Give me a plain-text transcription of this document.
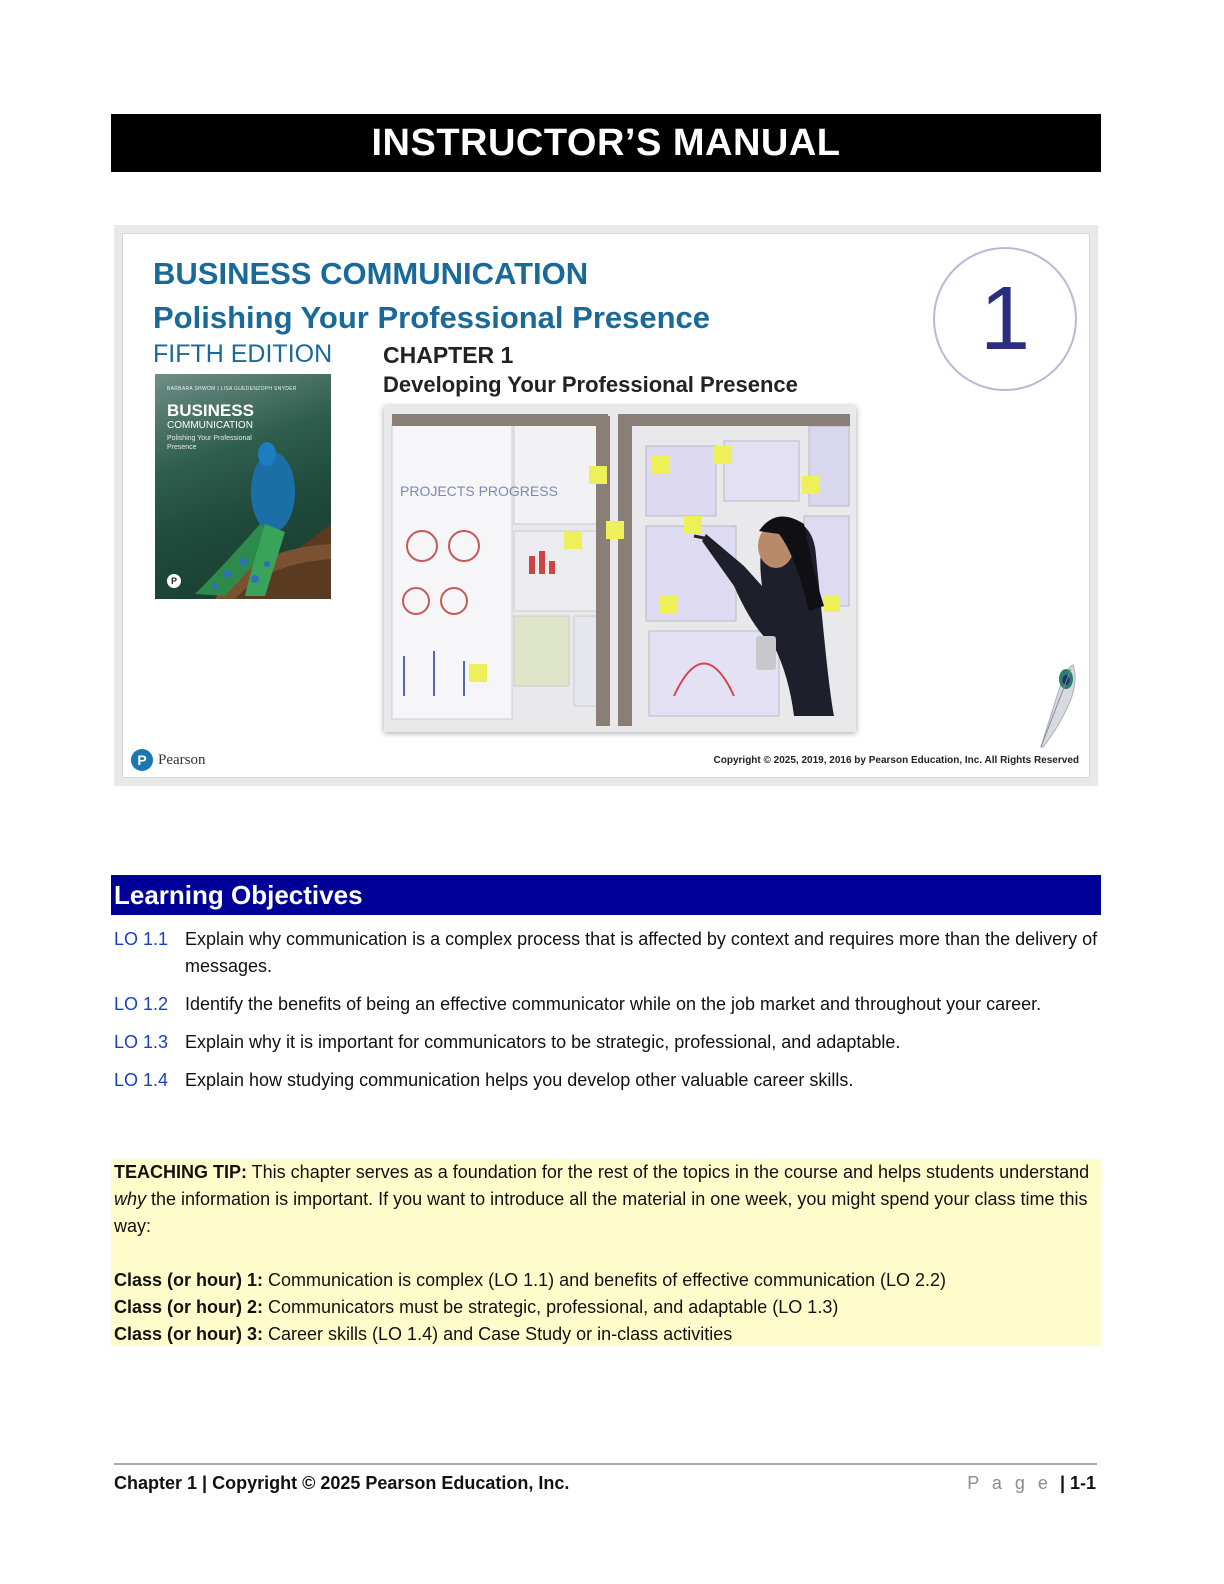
INSTRUCTOR’S MANUAL
BUSINESS COMMUNICATION
Polishing Your Professional Presence
FIFTH EDITION CHAPTER 1
Developing Your Professional Presence
1
BARBARA SHWOM | LISA GUEDENZOPH SNYDER
BUSINESS
COMMUNICATION
Polishing Your Professional Presence
P
PROJECTS PROGRESS
P Pearson	Copyright © 2025, 2019, 2016 by Pearson Education, Inc. All Rights Reserved
Learning Objectives
LO 1.1 Explain why communication is a complex process that is affected by context and requires more than the delivery of messages.
LO 1.2 Identify the benefits of being an effective communicator while on the job market and throughout your career.
LO 1.3 Explain why it is important for communicators to be strategic, professional, and adaptable.
LO 1.4 Explain how studying communication helps you develop other valuable career skills.
TEACHING TIP: This chapter serves as a foundation for the rest of the topics in the course and helps students understand why the information is important. If you want to introduce all the material in one week, you might spend your class time this way:
Class (or hour) 1: Communication is complex (LO 1.1) and benefits of effective communication (LO 2.2)
Class (or hour) 2: Communicators must be strategic, professional, and adaptable (LO 1.3)
Class (or hour) 3: Career skills (LO 1.4) and Case Study or in-class activities
Chapter 1 | Copyright © 2025 Pearson Education, Inc.	P a g e | 1-1
